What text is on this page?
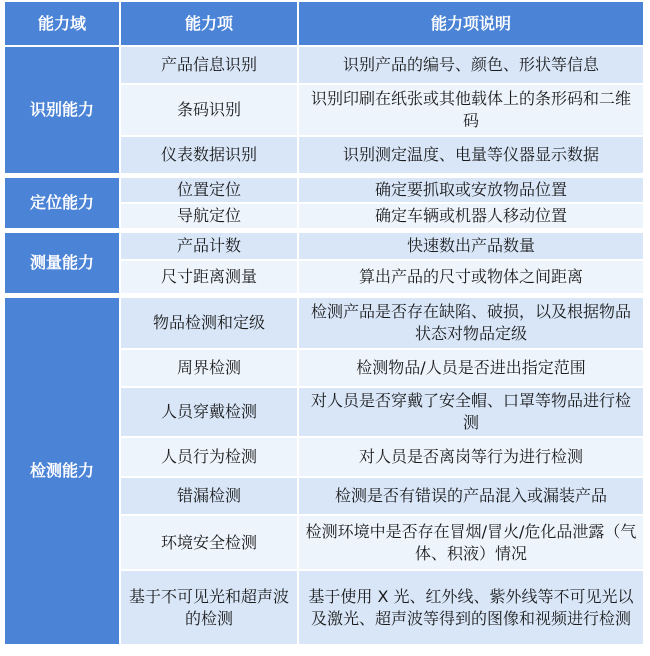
能力域	能力项	能力项说明
识别能力	产品信息识别	识别产品的编号、颜色、形状等信息
	条码识别	识别印刷在纸张或其他载体上的条形码和二维码
	仪表数据识别	识别测定温度、电量等仪器显示数据

定位能力	位置定位	确定要抓取或安放物品位置
	导航定位	确定车辆或机器人移动位置

测量能力	产品计数	快速数出产品数量
	尺寸距离测量	算出产品的尺寸或物体之间距离

检测能力	物品检测和定级	检测产品是否存在缺陷、破损，以及根据物品状态对物品定级
	周界检测	检测物品/人员是否进出指定范围
	人员穿戴检测	对人员是否穿戴了安全帽、口罩等物品进行检测
	人员行为检测	对人员是否离岗等行为进行检测
	错漏检测	检测是否有错误的产品混入或漏装产品
	环境安全检测	检测环境中是否存在冒烟/冒火/危化品泄露（气体、积液）情况
	基于不可见光和超声波的检测	基于使用 X 光、红外线、紫外线等不可见光以及激光、超声波等得到的图像和视频进行检测
